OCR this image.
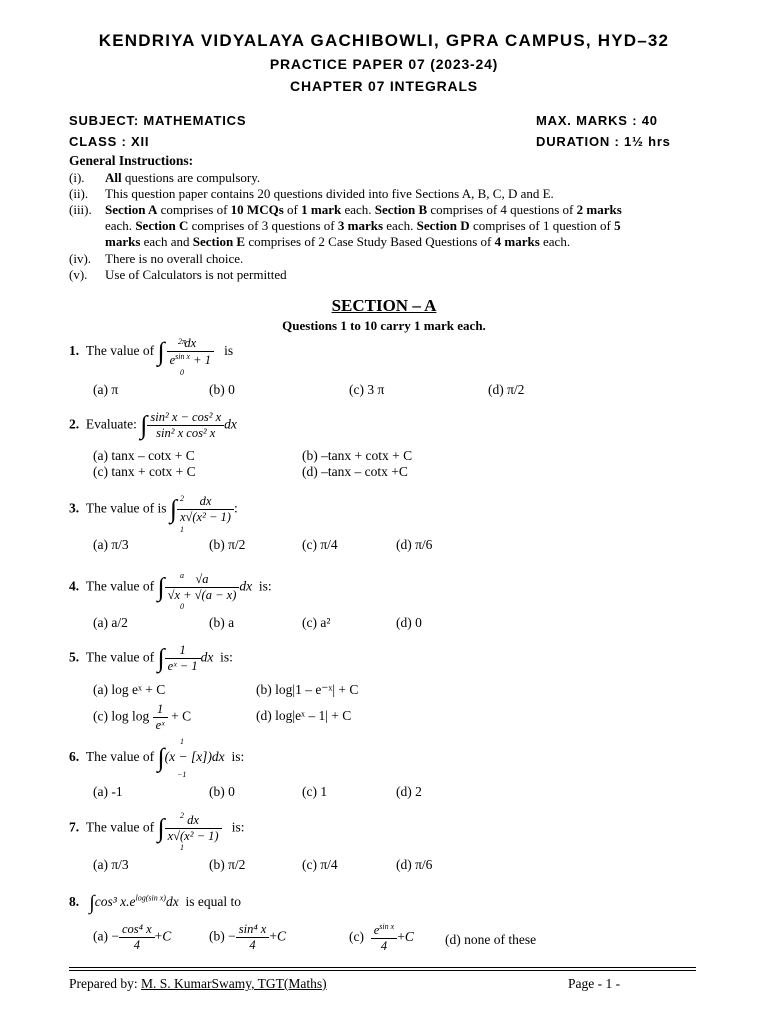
KENDRIYA VIDYALAYA GACHIBOWLI, GPRA CAMPUS, HYD–32
PRACTICE PAPER 07 (2023-24)
CHAPTER 07 INTEGRALS
SUBJECT: MATHEMATICS	MAX. MARKS : 40
CLASS : XII	DURATION : 1½ hrs
General Instructions:
(i). All questions are compulsory.
(ii). This question paper contains 20 questions divided into five Sections A, B, C, D and E.
(iii). Section A comprises of 10 MCQs of 1 mark each. Section B comprises of 4 questions of 2 marks
each. Section C comprises of 3 questions of 3 marks each. Section D comprises of 1 question of 5
marks each and Section E comprises of 2 Case Study Based Questions of 4 marks each.
(iv). There is no overall choice.
(v). Use of Calculators is not permitted
SECTION – A
Questions 1 to 10 carry 1 mark each.
1. The value of ∫ $\frac{dx}{e^{sin x} + 1}$ is
2π
0
(a) π	(b) 0	(c) 3 π	(d) π/2
2. Evaluate: ∫ $\frac{\text{sin² x − cos² x}}{\text{sin² x cos² x}}$ dx
(a) tanx – cotx + C	(b) –tanx + cotx + C
(c) tanx + cotx + C	(d) –tanx – cotx +C
3. The value of is ∫ $\frac{dx}{\text{x√(x² − 1)}}$ :
2
1
(a) π/3	(b) π/2	(c) π/4	(d) π/6
4. The value of ∫ $\frac{√a}{√x + √(a - x)}$ dx is:
a
0
(a) a/2	(b) a	(c) a²	(d) 0
5. The value of ∫ $\frac{1}{\text{eˣ − 1}}$ dx is:
(a) log eˣ + C	(b) log|1 – e⁻ˣ| + C
(c) $\log \log \frac{1}{\text{eˣ}} + C$	(d) log|eˣ – 1| + C
6. The value of ∫(x − [x])dx is:
1
−1
(a) -1	(b) 0	(c) 1	(d) 2
7. The value of ∫ $\frac{dx}{\text{x√(x² − 1)}}$ is:
2
1
(a) π/3	(b) π/2	(c) π/4	(d) π/6
8. ∫cos³ $x.e^{log(sin x)}dx$ is equal to
$(a) - \frac{\text{cos⁴ x}}{4} +C$	$(b) - \frac{\text{sin⁴ x}}{4} +C$	$(c) \frac{e^{sin x}}{4} +C$ (d) none of these
Prepared by: M. S. KumarSwamy, TGT(Maths)	Page - 1 -
